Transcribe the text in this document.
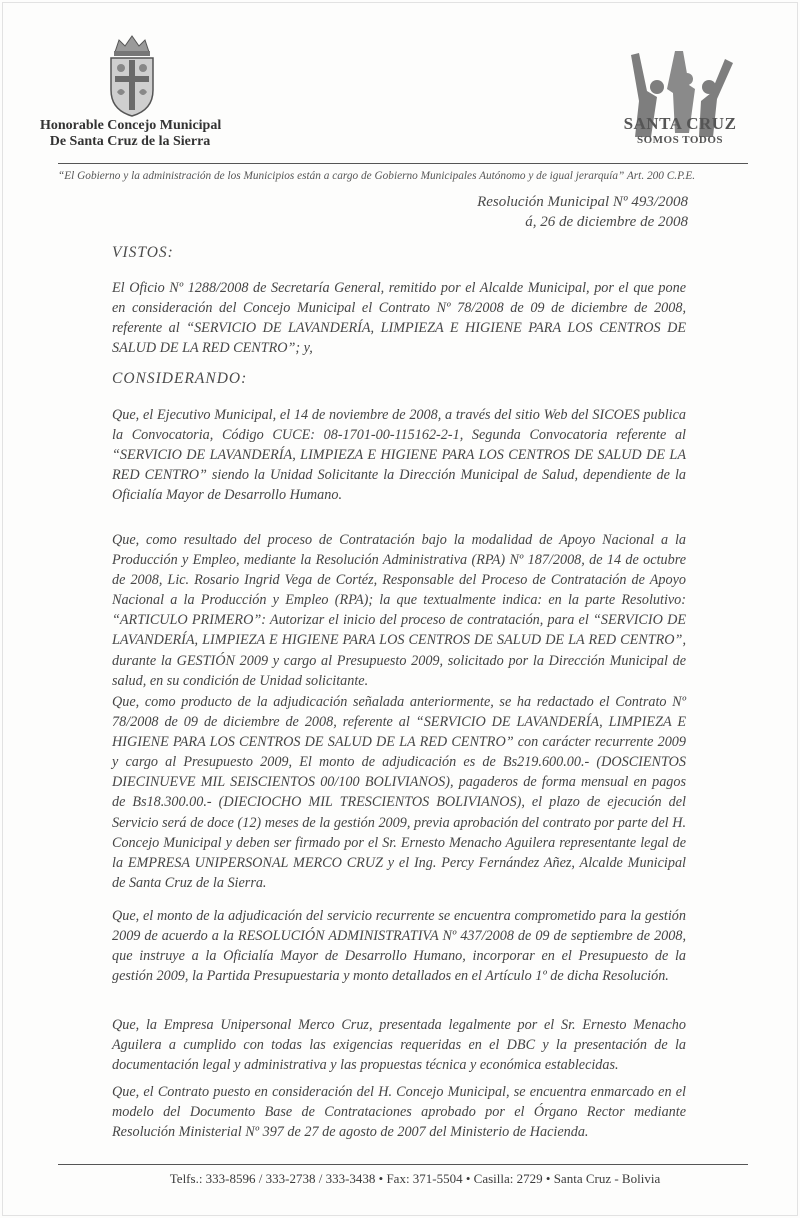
Honorable Concejo Municipal
De Santa Cruz de la Sierra
SANTA CRUZ
SOMOS TODOS
“El Gobierno y la administración de los Municipios están a cargo de Gobierno Municipales Autónomo y de igual jerarquía” Art. 200 C.P.E.
Resolución Municipal Nº 493/2008
á, 26 de diciembre de 2008
VISTOS:
El Oficio Nº 1288/2008 de Secretaría General, remitido por el Alcalde Municipal, por el que pone en consideración del Concejo Municipal el Contrato Nº 78/2008 de 09 de diciembre de 2008, referente al “SERVICIO DE LAVANDERÍA, LIMPIEZA E HIGIENE PARA LOS CENTROS DE SALUD DE LA RED CENTRO”; y,
CONSIDERANDO:
Que, el Ejecutivo Municipal, el 14 de noviembre de 2008, a través del sitio Web del SICOES publica la Convocatoria, Código CUCE: 08-1701-00-115162-2-1, Segunda Convocatoria referente al “SERVICIO DE LAVANDERÍA, LIMPIEZA E HIGIENE PARA LOS CENTROS DE SALUD DE LA RED CENTRO” siendo la Unidad Solicitante la Dirección Municipal de Salud, dependiente de la Oficialía Mayor de Desarrollo Humano.
Que, como resultado del proceso de Contratación bajo la modalidad de Apoyo Nacional a la Producción y Empleo, mediante la Resolución Administrativa (RPA) Nº 187/2008, de 14 de octubre de 2008, Lic. Rosario Ingrid Vega de Cortéz, Responsable del Proceso de Contratación de Apoyo Nacional a la Producción y Empleo (RPA); la que textualmente indica: en la parte Resolutivo: “ARTICULO PRIMERO”: Autorizar el inicio del proceso de contratación, para el “SERVICIO DE LAVANDERÍA, LIMPIEZA E HIGIENE PARA LOS CENTROS DE SALUD DE LA RED CENTRO”, durante la GESTIÓN 2009 y cargo al Presupuesto 2009, solicitado por la Dirección Municipal de salud, en su condición de Unidad solicitante.
Que, como producto de la adjudicación señalada anteriormente, se ha redactado el Contrato Nº 78/2008 de 09 de diciembre de 2008, referente al “SERVICIO DE LAVANDERÍA, LIMPIEZA E HIGIENE PARA LOS CENTROS DE SALUD DE LA RED CENTRO” con carácter recurrente 2009 y cargo al Presupuesto 2009, El monto de adjudicación es de Bs219.600.00.- (DOSCIENTOS DIECINUEVE MIL SEISCIENTOS 00/100 BOLIVIANOS), pagaderos de forma mensual en pagos de Bs18.300.00.- (DIECIOCHO MIL TRESCIENTOS BOLIVIANOS), el plazo de ejecución del Servicio será de doce (12) meses de la gestión 2009, previa aprobación del contrato por parte del H. Concejo Municipal y deben ser firmado por el Sr. Ernesto Menacho Aguilera representante legal de la EMPRESA UNIPERSONAL MERCO CRUZ y el Ing. Percy Fernández Añez, Alcalde Municipal de Santa Cruz de la Sierra.
Que, el monto de la adjudicación del servicio recurrente se encuentra comprometido para la gestión 2009 de acuerdo a la RESOLUCIÓN ADMINISTRATIVA Nº 437/2008 de 09 de septiembre de 2008, que instruye a la Oficialía Mayor de Desarrollo Humano, incorporar en el Presupuesto de la gestión 2009, la Partida Presupuestaria y monto detallados en el Artículo 1º de dicha Resolución.
Que, la Empresa Unipersonal Merco Cruz, presentada legalmente por el Sr. Ernesto Menacho Aguilera a cumplido con todas las exigencias requeridas en el DBC y la presentación de la documentación legal y administrativa y las propuestas técnica y económica establecidas.
Que, el Contrato puesto en consideración del H. Concejo Municipal, se encuentra enmarcado en el modelo del Documento Base de Contrataciones aprobado por el Órgano Rector mediante Resolución Ministerial Nº 397 de 27 de agosto de 2007 del Ministerio de Hacienda.
Telfs.: 333-8596 / 333-2738 / 333-3438 • Fax: 371-5504 • Casilla: 2729 • Santa Cruz - Bolivia
